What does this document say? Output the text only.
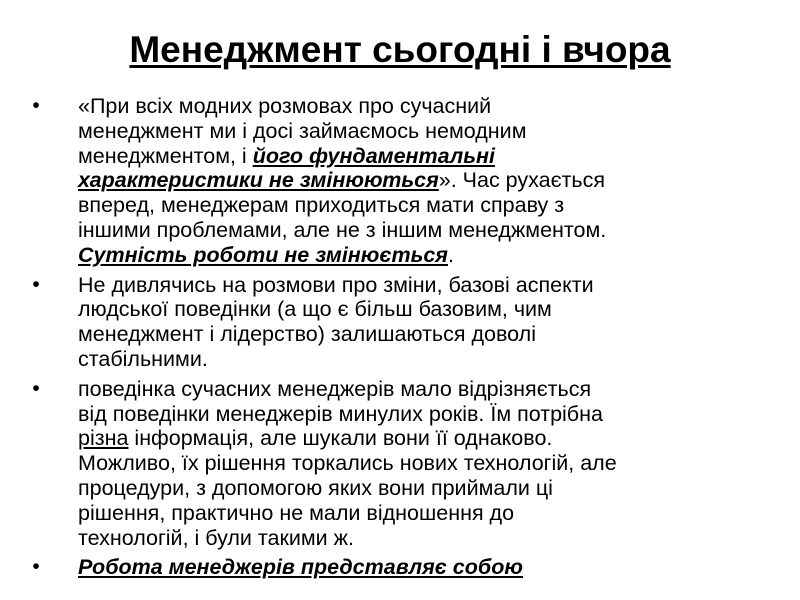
Менеджмент сьогодні і вчора
• «При всіх модних розмовах про сучасний
менеджмент ми і досі займаємось немодним
менеджментом, і його фундаментальні
характеристики не змінюються». Час рухається
вперед, менеджерам приходиться мати справу з
іншими проблемами, але не з іншим менеджментом.
Сутність роботи не змінюється.
• Не дивлячись на розмови про зміни, базові аспекти
людської поведінки (а що є більш базовим, чим
менеджмент і лідерство) залишаються доволі
стабільними.
• поведінка сучасних менеджерів мало відрізняється
від поведінки менеджерів минулих років. Їм потрібна
різна інформація, але шукали вони її однаково.
Можливо, їх рішення торкались нових технологій, але
процедури, з допомогою яких вони приймали ці
рішення, практично не мали відношення до
технологій, і були такими ж.
• Робота менеджерів представляє собою
